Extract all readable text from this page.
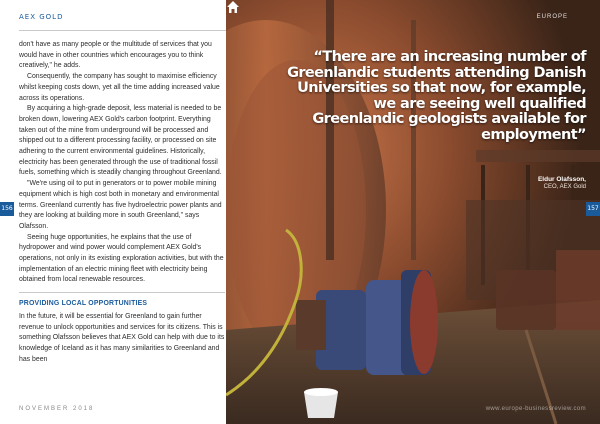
AEX GOLD

don't have as many people or the multitude of services that you would have in other countries which encourages you to think creatively," he adds.

Consequently, the company has sought to maximise efficiency whilst keeping costs down, yet all the time adding increased value across its operations.

By acquiring a high-grade deposit, less material is needed to be broken down, lowering AEX Gold's carbon footprint. Everything taken out of the mine from underground will be processed and shipped out to a different processing facility, or processed on site adhering to the current environmental guidelines. Historically, electricity has been generated through the use of traditional fossil fuels, something which is steadily changing throughout Greenland.

"We're using oil to put in generators or to power mobile mining equipment which is high cost both in monetary and environmental terms. Greenland currently has five hydroelectric power plants and they are looking at building more in south Greenland," says Olafsson.

Seeing huge opportunities, he explains that the use of hydropower and wind power would complement AEX Gold's operations, not only in its existing exploration activities, but with the implementation of an electric mining fleet with electricity being obtained from local renewable resources.

PROVIDING LOCAL OPPORTUNITIES

In the future, it will be essential for Greenland to gain further revenue to unlock opportunities and services for its citizens. This is something Olafsson believes that AEX Gold can help with due to its knowledge of Iceland as it has many similarities to Greenland and has been

NOVEMBER 2018
156
EUROPE
“There are an increasing number of Greenlandic students attending Danish Universities so that now, for example, we are seeing well qualified Greenlandic geologists available for employment”
Eldur Olafsson,
CEO, AEX Gold
www.europe-businessreview.com
157
